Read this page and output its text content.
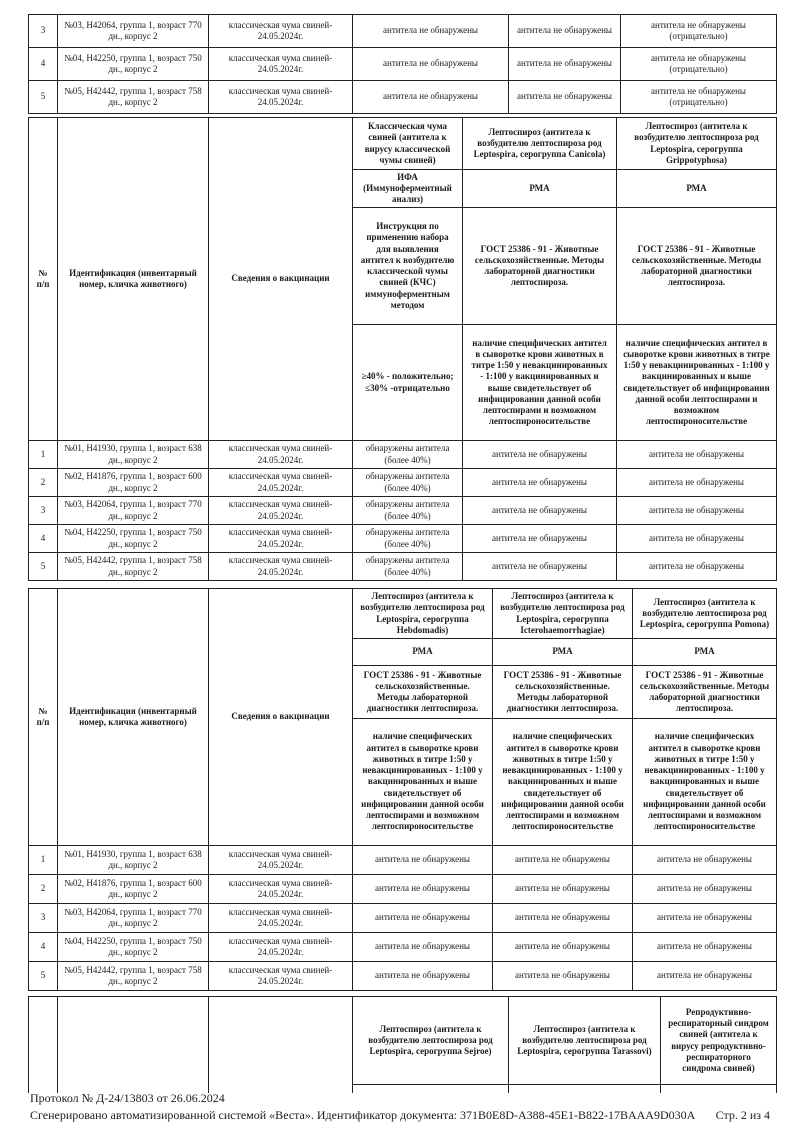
3	№03, Н42064, группа 1, возраст 770 дн., корпус 2	классическая чума свиней- 24.05.2024г.	антитела не обнаружены	антитела не обнаружены	антитела не обнаружены (отрицательно)
4	№04, Н42250, группа 1, возраст 750 дн., корпус 2	классическая чума свиней- 24.05.2024г.	антитела не обнаружены	антитела не обнаружены	антитела не обнаружены (отрицательно)
5	№05, Н42442, группа 1, возраст 758 дн., корпус 2	классическая чума свиней- 24.05.2024г.	антитела не обнаружены	антитела не обнаружены	антитела не обнаружены (отрицательно)
№ п/п	Идентификация (инвентарный номер, кличка животного)	Сведения о вакцинации	Классическая чума свиней (антитела к вирусу классической чумы свиней)	Лептоспироз (антитела к возбудителю лептоспироза род Leptospira, серогруппа Canicola)	Лептоспироз (антитела к возбудителю лептоспироза род Leptospira, серогруппа Grippotyphosa)
			ИФА (Иммуноферментный анализ)	РМА	РМА
			Инструкция по применению набора для выявления антител к возбудителю классической чумы свиней (КЧС) иммуноферментным методом	ГОСТ 25386 - 91 - Животные сельскохозяйственные. Методы лабораторной диагностики лептоспироза.	ГОСТ 25386 - 91 - Животные сельскохозяйственные. Методы лабораторной диагностики лептоспироза.
≥40% - положительно; ≤30% -отрицательно	наличие специфических антител в сыворотке крови животных в титре 1:50 у невакцинированных - 1:100 у вакцинированных и выше свидетельствует об инфицировании данной особи лептоспирами и возможном лептоспироносительстве	наличие специфических антител в сыворотке крови животных в титре 1:50 у невакцинированных - 1:100 у вакцинированных и выше свидетельствует об инфицировании данной особи лептоспирами и возможном лептоспироносительстве
1	№01, Н41930, группа 1, возраст 638 дн., корпус 2	классическая чума свиней- 24.05.2024г.	обнаружены антитела (более 40%)	антитела не обнаружены	антитела не обнаружены
2	№02, Н41876, группа 1, возраст 600 дн., корпус 2	классическая чума свиней- 24.05.2024г.	обнаружены антитела (более 40%)	антитела не обнаружены	антитела не обнаружены
3	№03, Н42064, группа 1, возраст 770 дн., корпус 2	классическая чума свиней- 24.05.2024г.	обнаружены антитела (более 40%)	антитела не обнаружены	антитела не обнаружены
4	№04, Н42250, группа 1, возраст 750 дн., корпус 2	классическая чума свиней- 24.05.2024г.	обнаружены антитела (более 40%)	антитела не обнаружены	антитела не обнаружены
5	№05, Н42442, группа 1, возраст 758 дн., корпус 2	классическая чума свиней- 24.05.2024г.	обнаружены антитела (более 40%)	антитела не обнаружены	антитела не обнаружены
№ п/п	Идентификация (инвентарный номер, кличка животного)	Сведения о вакцинации	Лептоспироз (антитела к возбудителю лептоспироза род Leptospira, серогруппа Hebdomadis)	Лептоспироз (антитела к возбудителю лептоспироза род Leptospira, серогруппа Icterohaemorrhagiae)	Лептоспироз (антитела к возбудителю лептоспироза род Leptospira, серогруппа Pomona)
			РМА	РМА	РМА
			ГОСТ 25386 - 91 - Животные сельскохозяйственные. Методы лабораторной диагностики лептоспироза.	ГОСТ 25386 - 91 - Животные сельскохозяйственные. Методы лабораторной диагностики лептоспироза.	ГОСТ 25386 - 91 - Животные сельскохозяйственные. Методы лабораторной диагностики лептоспироза.
наличие специфических антител в сыворотке крови животных в титре 1:50 у невакцинированных - 1:100 у вакцинированных и выше свидетельствует об инфицировании данной особи лептоспирами и возможном лептоспироносительстве	наличие специфических антител в сыворотке крови животных в титре 1:50 у невакцинированных - 1:100 у вакцинированных и выше свидетельствует об инфицировании данной особи лептоспирами и возможном лептоспироносительстве	наличие специфических антител в сыворотке крови животных в титре 1:50 у невакцинированных - 1:100 у вакцинированных и выше свидетельствует об инфицировании данной особи лептоспирами и возможном лептоспироносительстве
1	№01, Н41930, группа 1, возраст 638 дн., корпус 2	классическая чума свиней- 24.05.2024г.	антитела не обнаружены	антитела не обнаружены	антитела не обнаружены
2	№02, Н41876, группа 1, возраст 600 дн., корпус 2	классическая чума свиней- 24.05.2024г.	антитела не обнаружены	антитела не обнаружены	антитела не обнаружены
3	№03, Н42064, группа 1, возраст 770 дн., корпус 2	классическая чума свиней- 24.05.2024г.	антитела не обнаружены	антитела не обнаружены	антитела не обнаружены
4	№04, Н42250, группа 1, возраст 750 дн., корпус 2	классическая чума свиней- 24.05.2024г.	антитела не обнаружены	антитела не обнаружены	антитела не обнаружены
5	№05, Н42442, группа 1, возраст 758 дн., корпус 2	классическая чума свиней- 24.05.2024г.	антитела не обнаружены	антитела не обнаружены	антитела не обнаружены
			Лептоспироз (антитела к возбудителю лептоспироза род Leptospira, серогруппа Sejroe)	Лептоспироз (антитела к возбудителю лептоспироза род Leptospira, серогруппа Tarassovi)	Репродуктивно-респираторный синдром свиней (антитела к вирусу репродуктивно-респираторного синдрома свиней)

Протокол № Д-24/13803 от 26.06.2024
Сгенерировано автоматизированной системой «Веста». Идентификатор документа: 371B0E8D-A388-45E1-B822-17BAAA9D030A Стр. 2 из 4
